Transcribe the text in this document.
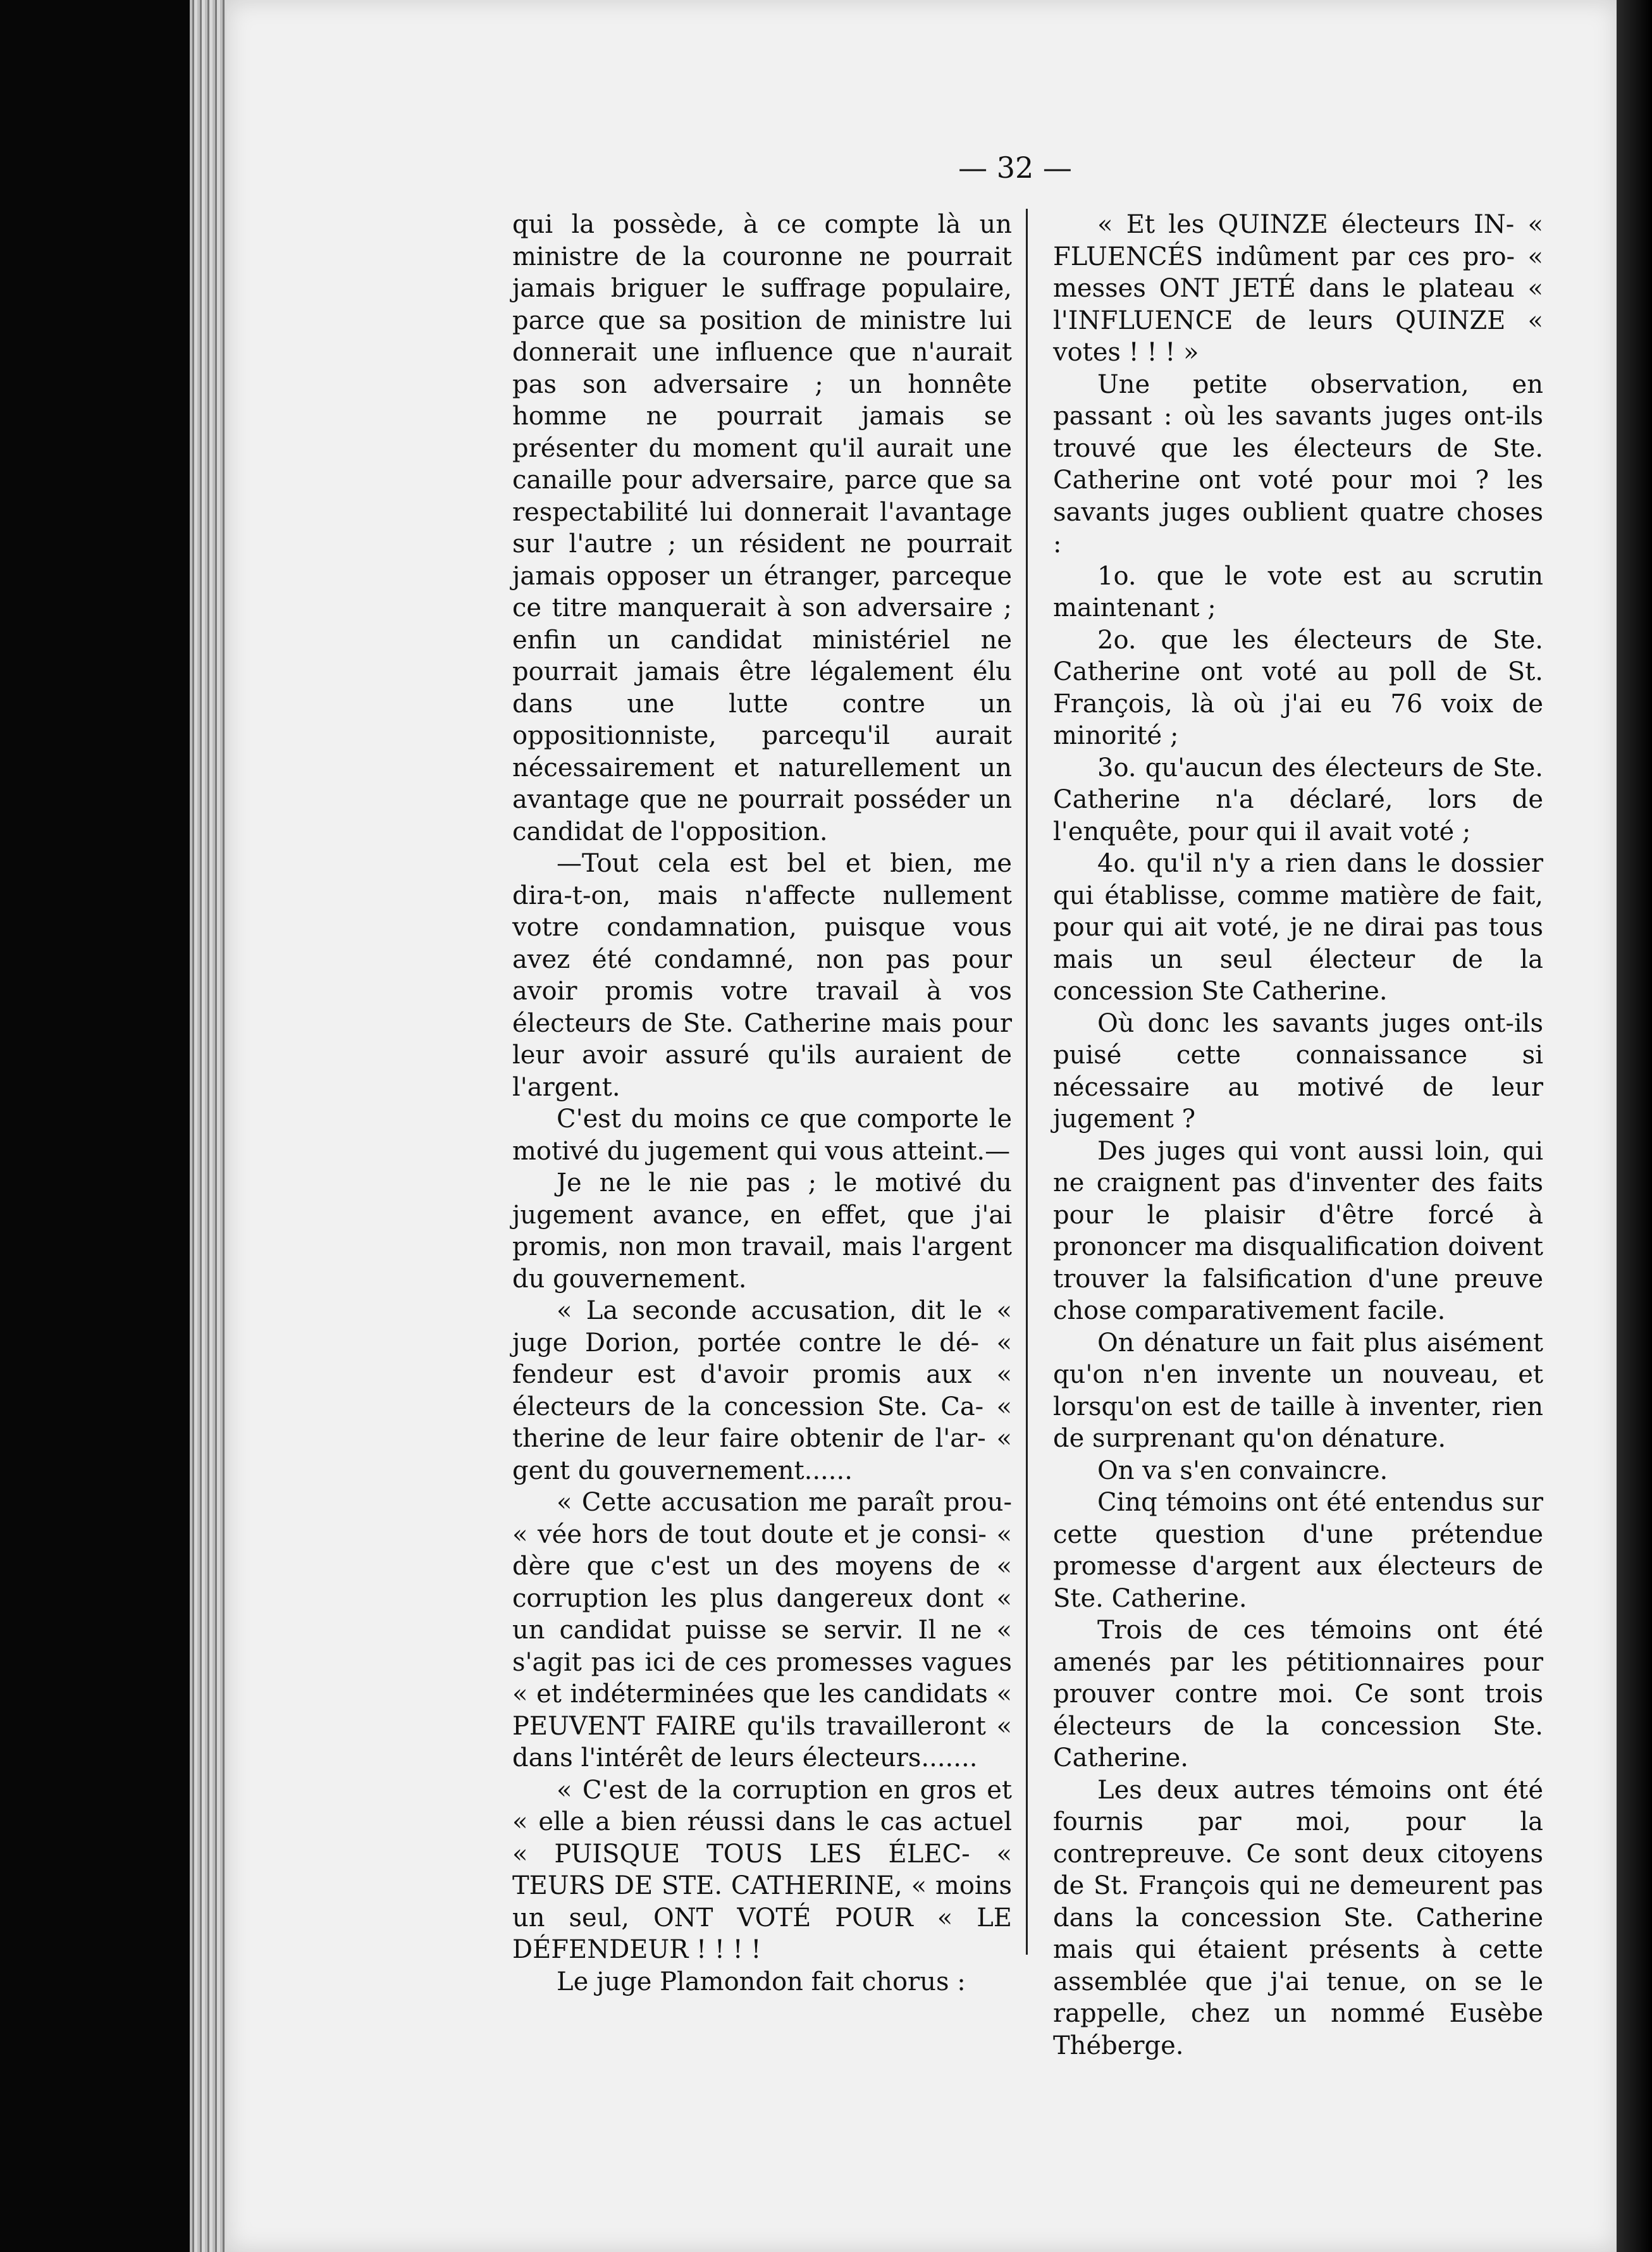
— 32 —

qui la possède, à ce compte là un ministre de la couronne ne pourrait jamais briguer le suffrage populaire, parce que sa position de ministre lui donnerait une influence que n'aurait pas son adversaire ; un honnête homme ne pourrait jamais se présenter du moment qu'il aurait une canaille pour adversaire, parce que sa respectabilité lui donnerait l'avantage sur l'autre ; un résident ne pourrait jamais opposer un étranger, parceque ce titre manquerait à son adversaire ; enfin un candidat ministériel ne pourrait jamais être légalement élu dans une lutte contre un oppositionniste, parcequ'il aurait nécessairement et naturellement un avantage que ne pourrait posséder un candidat de l'opposition.

—Tout cela est bel et bien, me dira-t-on, mais n'affecte nullement votre condamnation, puisque vous avez été condamné, non pas pour avoir promis votre travail à vos électeurs de Ste. Catherine mais pour leur avoir assuré qu'ils auraient de l'argent.

C'est du moins ce que comporte le motivé du jugement qui vous atteint.—

Je ne le nie pas ; le motivé du jugement avance, en effet, que j'ai promis, non mon travail, mais l'argent du gouvernement.

« La seconde accusation, dit le « juge Dorion, portée contre le dé- « fendeur est d'avoir promis aux « électeurs de la concession Ste. Ca- « therine de leur faire obtenir de l'ar- « gent du gouvernement......

« Cette accusation me paraît prou- « vée hors de tout doute et je consi- « dère que c'est un des moyens de « corruption les plus dangereux dont « un candidat puisse se servir. Il ne « s'agit pas ici de ces promesses vagues « et indéterminées que les candidats « PEUVENT FAIRE qu'ils travailleront « dans l'intérêt de leurs électeurs.......

« C'est de la corruption en gros et « elle a bien réussi dans le cas actuel « PUISQUE TOUS LES ÉLEC- « TEURS DE STE. CATHERINE, « moins un seul, ONT VOTÉ POUR « LE DÉFENDEUR ! ! ! !

Le juge Plamondon fait chorus :

« Et les QUINZE électeurs IN- « FLUENCÉS indûment par ces pro- « messes ONT JETÉ dans le plateau « l'INFLUENCE de leurs QUINZE « votes ! ! ! »

Une petite observation, en passant : où les savants juges ont-ils trouvé que les électeurs de Ste. Catherine ont voté pour moi ? les savants juges oublient quatre choses :

1o. que le vote est au scrutin maintenant ;

2o. que les électeurs de Ste. Catherine ont voté au poll de St. François, là où j'ai eu 76 voix de minorité ;

3o. qu'aucun des électeurs de Ste. Catherine n'a déclaré, lors de l'enquête, pour qui il avait voté ;

4o. qu'il n'y a rien dans le dossier qui établisse, comme matière de fait, pour qui ait voté, je ne dirai pas tous mais un seul électeur de la concession Ste Catherine.

Où donc les savants juges ont-ils puisé cette connaissance si nécessaire au motivé de leur jugement ?

Des juges qui vont aussi loin, qui ne craignent pas d'inventer des faits pour le plaisir d'être forcé à prononcer ma disqualification doivent trouver la falsification d'une preuve chose comparativement facile.

On dénature un fait plus aisément qu'on n'en invente un nouveau, et lorsqu'on est de taille à inventer, rien de surprenant qu'on dénature.

On va s'en convaincre.

Cinq témoins ont été entendus sur cette question d'une prétendue promesse d'argent aux électeurs de Ste. Catherine.

Trois de ces témoins ont été amenés par les pétitionnaires pour prouver contre moi. Ce sont trois électeurs de la concession Ste. Catherine.

Les deux autres témoins ont été fournis par moi, pour la contrepreuve. Ce sont deux citoyens de St. François qui ne demeurent pas dans la concession Ste. Catherine mais qui étaient présents à cette assemblée que j'ai tenue, on se le rappelle, chez un nommé Eusèbe Théberge.
